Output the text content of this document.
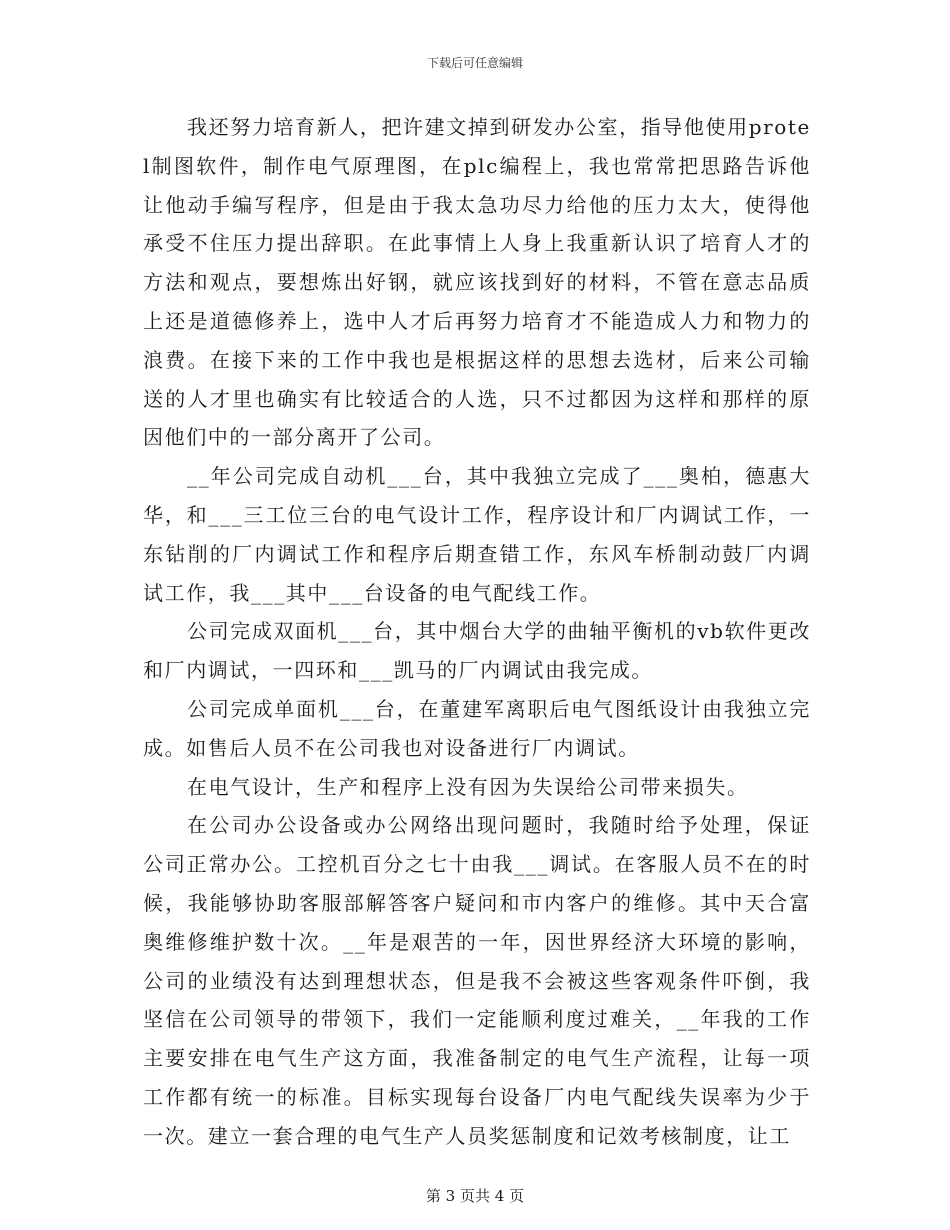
下载后可任意编辑

我还努力培育新人，把许建文掉到研发办公室，指导他使用protel制图软件，制作电气原理图，在plc编程上，我也常常把思路告诉他让他动手编写程序，但是由于我太急功尽力给他的压力太大，使得他承受不住压力提出辞职。在此事情上人身上我重新认识了培育人才的方法和观点，要想炼出好钢，就应该找到好的材料，不管在意志品质上还是道德修养上，选中人才后再努力培育才不能造成人力和物力的浪费。在接下来的工作中我也是根据这样的思想去选材，后来公司输送的人才里也确实有比较适合的人选，只不过都因为这样和那样的原因他们中的一部分离开了公司。

__年公司完成自动机___台，其中我独立完成了___奥柏，德惠大华，和___三工位三台的电气设计工作，程序设计和厂内调试工作，一东钻削的厂内调试工作和程序后期查错工作，东风车桥制动鼓厂内调试工作，我___其中___台设备的电气配线工作。

公司完成双面机___台，其中烟台大学的曲轴平衡机的vb软件更改和厂内调试，一四环和___凯马的厂内调试由我完成。

公司完成单面机___台，在董建军离职后电气图纸设计由我独立完成。如售后人员不在公司我也对设备进行厂内调试。

在电气设计，生产和程序上没有因为失误给公司带来损失。

在公司办公设备或办公网络出现问题时，我随时给予处理，保证公司正常办公。工控机百分之七十由我___调试。在客服人员不在的时候，我能够协助客服部解答客户疑问和市内客户的维修。其中天合富奥维修维护数十次。__年是艰苦的一年，因世界经济大环境的影响，公司的业绩没有达到理想状态，但是我不会被这些客观条件吓倒，我坚信在公司领导的带领下，我们一定能顺利度过难关，__年我的工作主要安排在电气生产这方面，我准备制定的电气生产流程，让每一项工作都有统一的标准。目标实现每台设备厂内电气配线失误率为少于一次。建立一套合理的电气生产人员奖惩制度和记效考核制度，让工

第 3 页共 4 页
